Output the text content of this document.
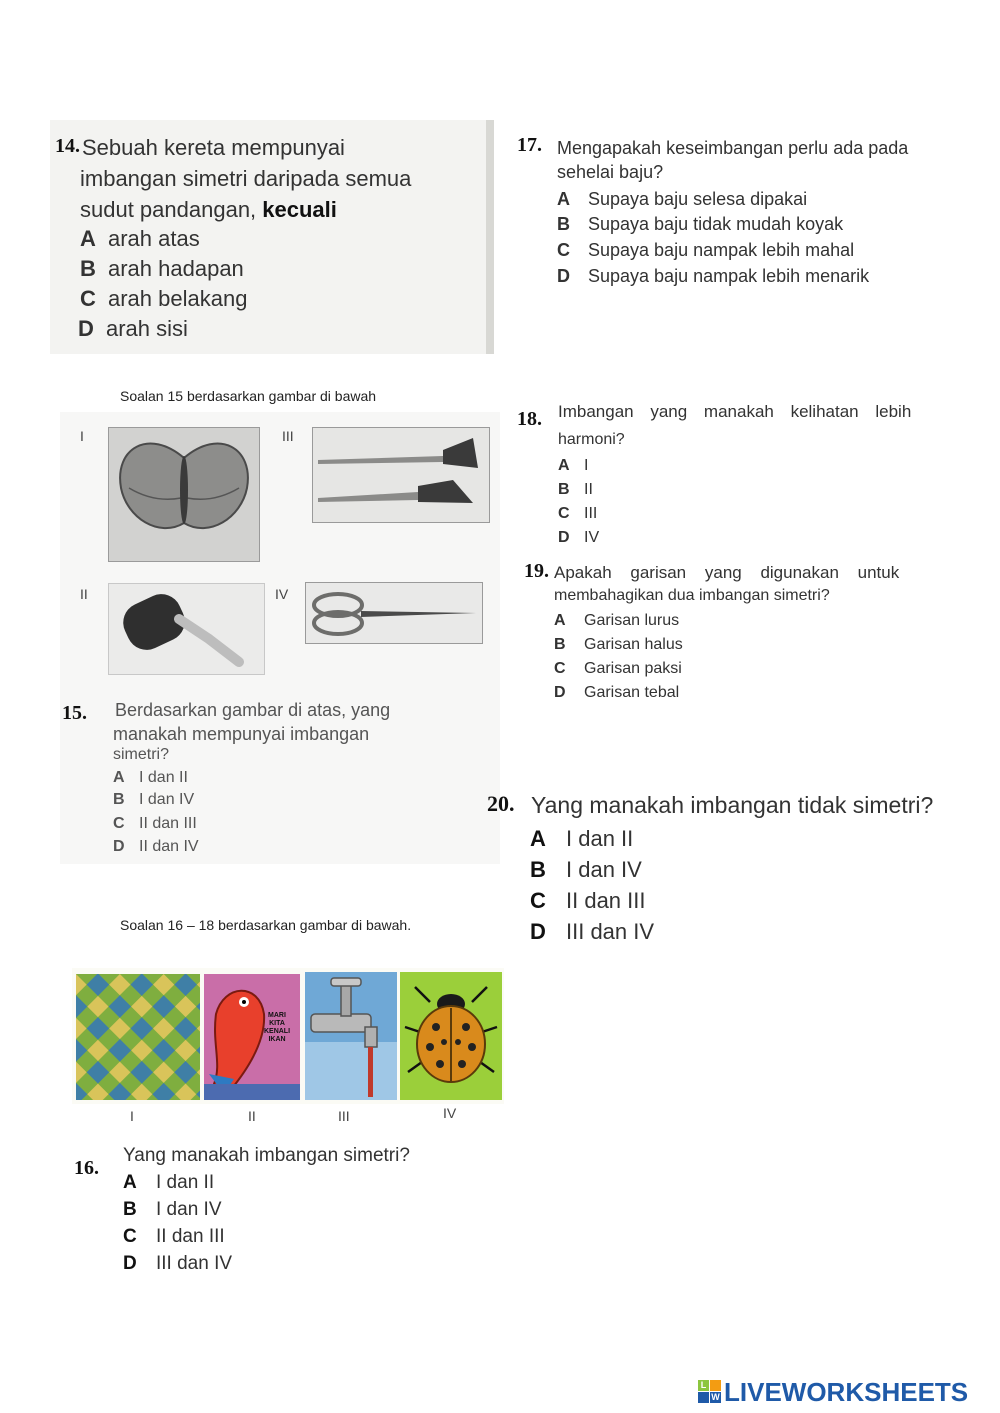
14. Sebuah kereta mempunyai
imbangan simetri daripada semua
sudut pandangan, kecuali
A arah atas
B arah hadapan
C arah belakang
D arah sisi
17. Mengapakah keseimbangan perlu ada pada
sehelai baju?
A Supaya baju selesa dipakai
B Supaya baju tidak mudah koyak
C Supaya baju nampak lebih mahal
D Supaya baju nampak lebih menarik
Soalan 15 berdasarkan gambar di bawah
I	III
II	IV
15. Berdasarkan gambar di atas, yang
manakah mempunyai imbangan
simetri?
A I dan II
B I dan IV
C II dan III
D II dan IV
18. Imbangan yang manakah kelihatan lebih
harmoni?
A I
B II
C III
D IV
19. Apakah garisan yang digunakan untuk
membahagikan dua imbangan simetri?
A Garisan lurus
B Garisan halus
C Garisan paksi
D Garisan tebal
20. Yang manakah imbangan tidak simetri?
A I dan II
B I dan IV
C II dan III
D III dan IV
Soalan 16 – 18 berdasarkan gambar di bawah.
MARI KITA KENALI IKAN
I	II	III	IV
16.
Yang manakah imbangan simetri?
A I dan II
B I dan IV
C II dan III
D III dan IV
L
W LIVEWORKSHEETS
